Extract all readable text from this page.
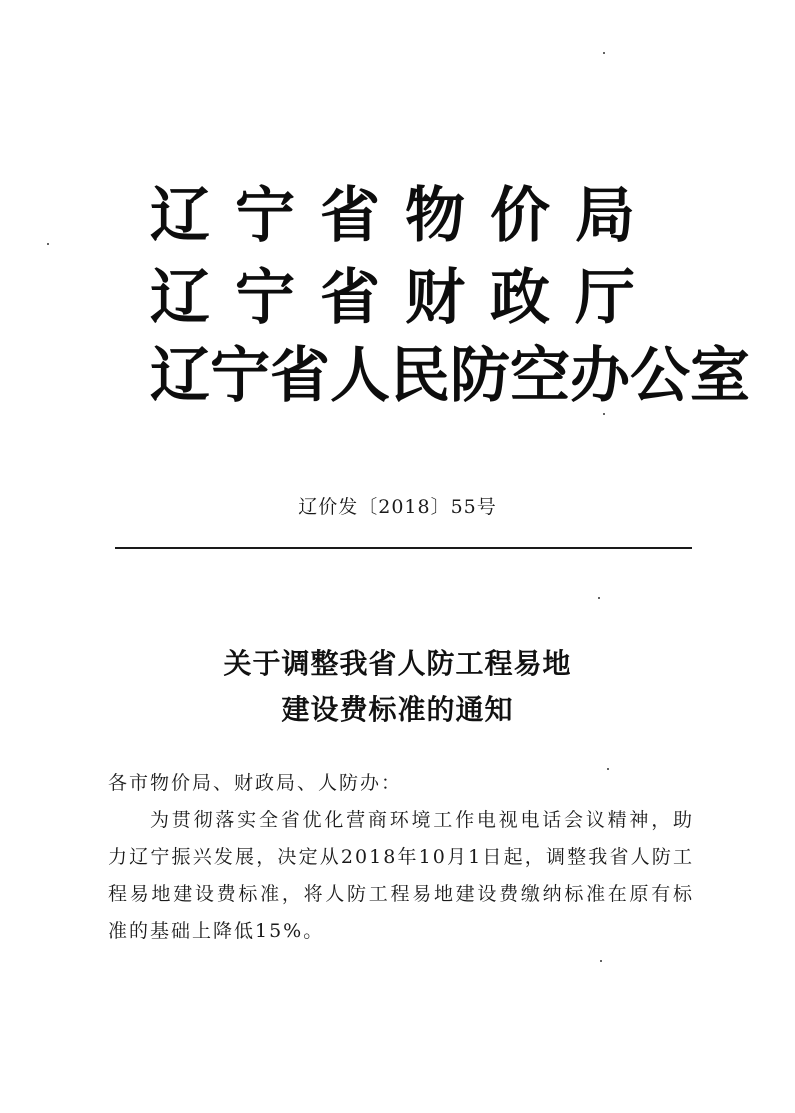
辽宁省物价局
辽宁省财政厅
辽宁省人民防空办公室
辽价发〔2018〕55号
关于调整我省人防工程易地
建设费标准的通知
各市物价局、财政局、人防办：
为贯彻落实全省优化营商环境工作电视电话会议精神，助力辽宁振兴发展，决定从2018年10月1日起，调整我省人防工程易地建设费标准，将人防工程易地建设费缴纳标准在原有标准的基础上降低15%。
